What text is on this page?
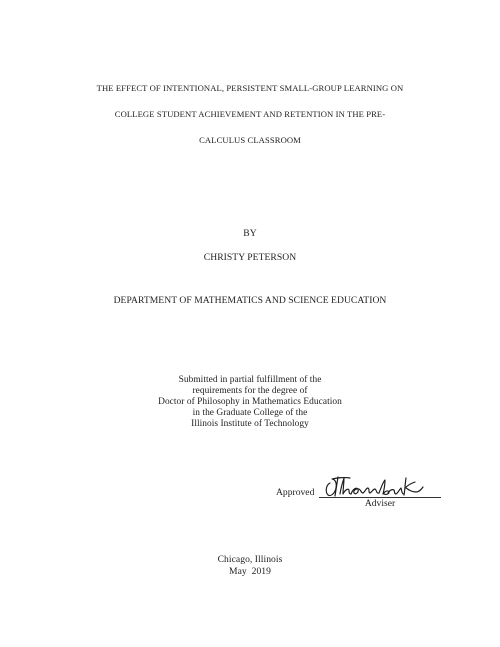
THE EFFECT OF INTENTIONAL, PERSISTENT SMALL-GROUP LEARNING ON
COLLEGE STUDENT ACHIEVEMENT AND RETENTION IN THE PRE-
CALCULUS CLASSROOM
BY
CHRISTY PETERSON
DEPARTMENT OF MATHEMATICS AND SCIENCE EDUCATION
Submitted in partial fulfillment of the
requirements for the degree of
Doctor of Philosophy in Mathematics Education
in the Graduate College of the
Illinois Institute of Technology
Approved
Adviser
Chicago, Illinois
May  2019
